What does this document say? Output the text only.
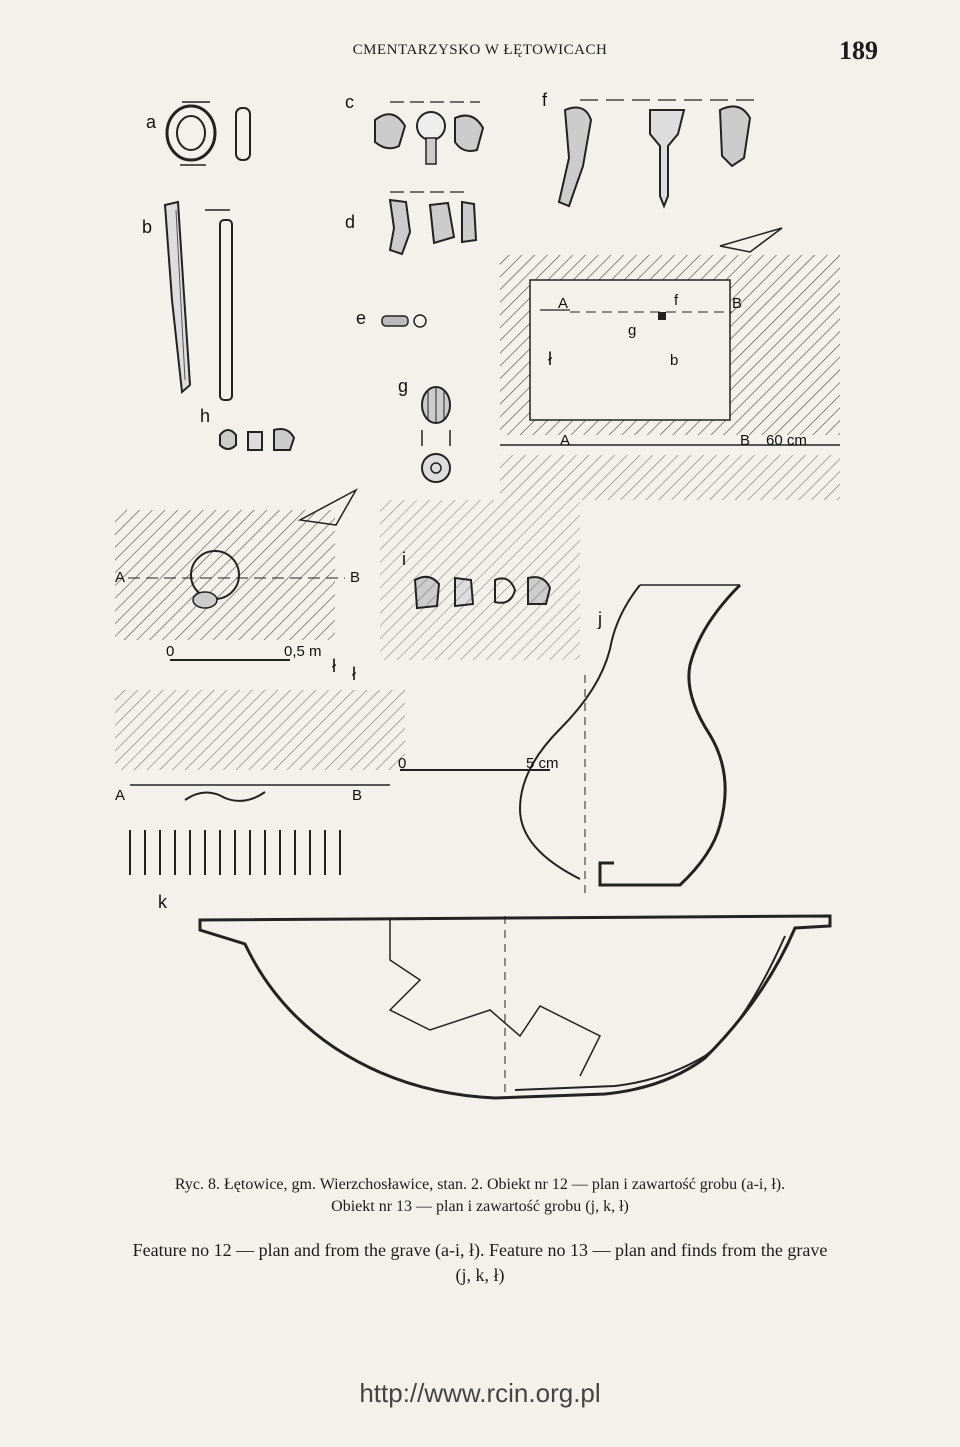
CMENTARZYSKO W ŁĘTOWICACH	189
a
b
c
d
f
e
A	B
f
g
b
ł
A	B 60 cm
g
h
A	B
0	0,5 m
ł
A	B
j
0	5 cm
ł
k
Ryc. 8. Łętowice, gm. Wierzchosławice, stan. 2. Obiekt nr 12 — plan i zawartość grobu (a-i, ł).
Obiekt nr 13 — plan i zawartość grobu (j, k, ł)
Feature no 12 — plan and from the grave (a-i, ł). Feature no 13 — plan and finds from the grave
(j, k, ł)
http://www.rcin.org.pl
